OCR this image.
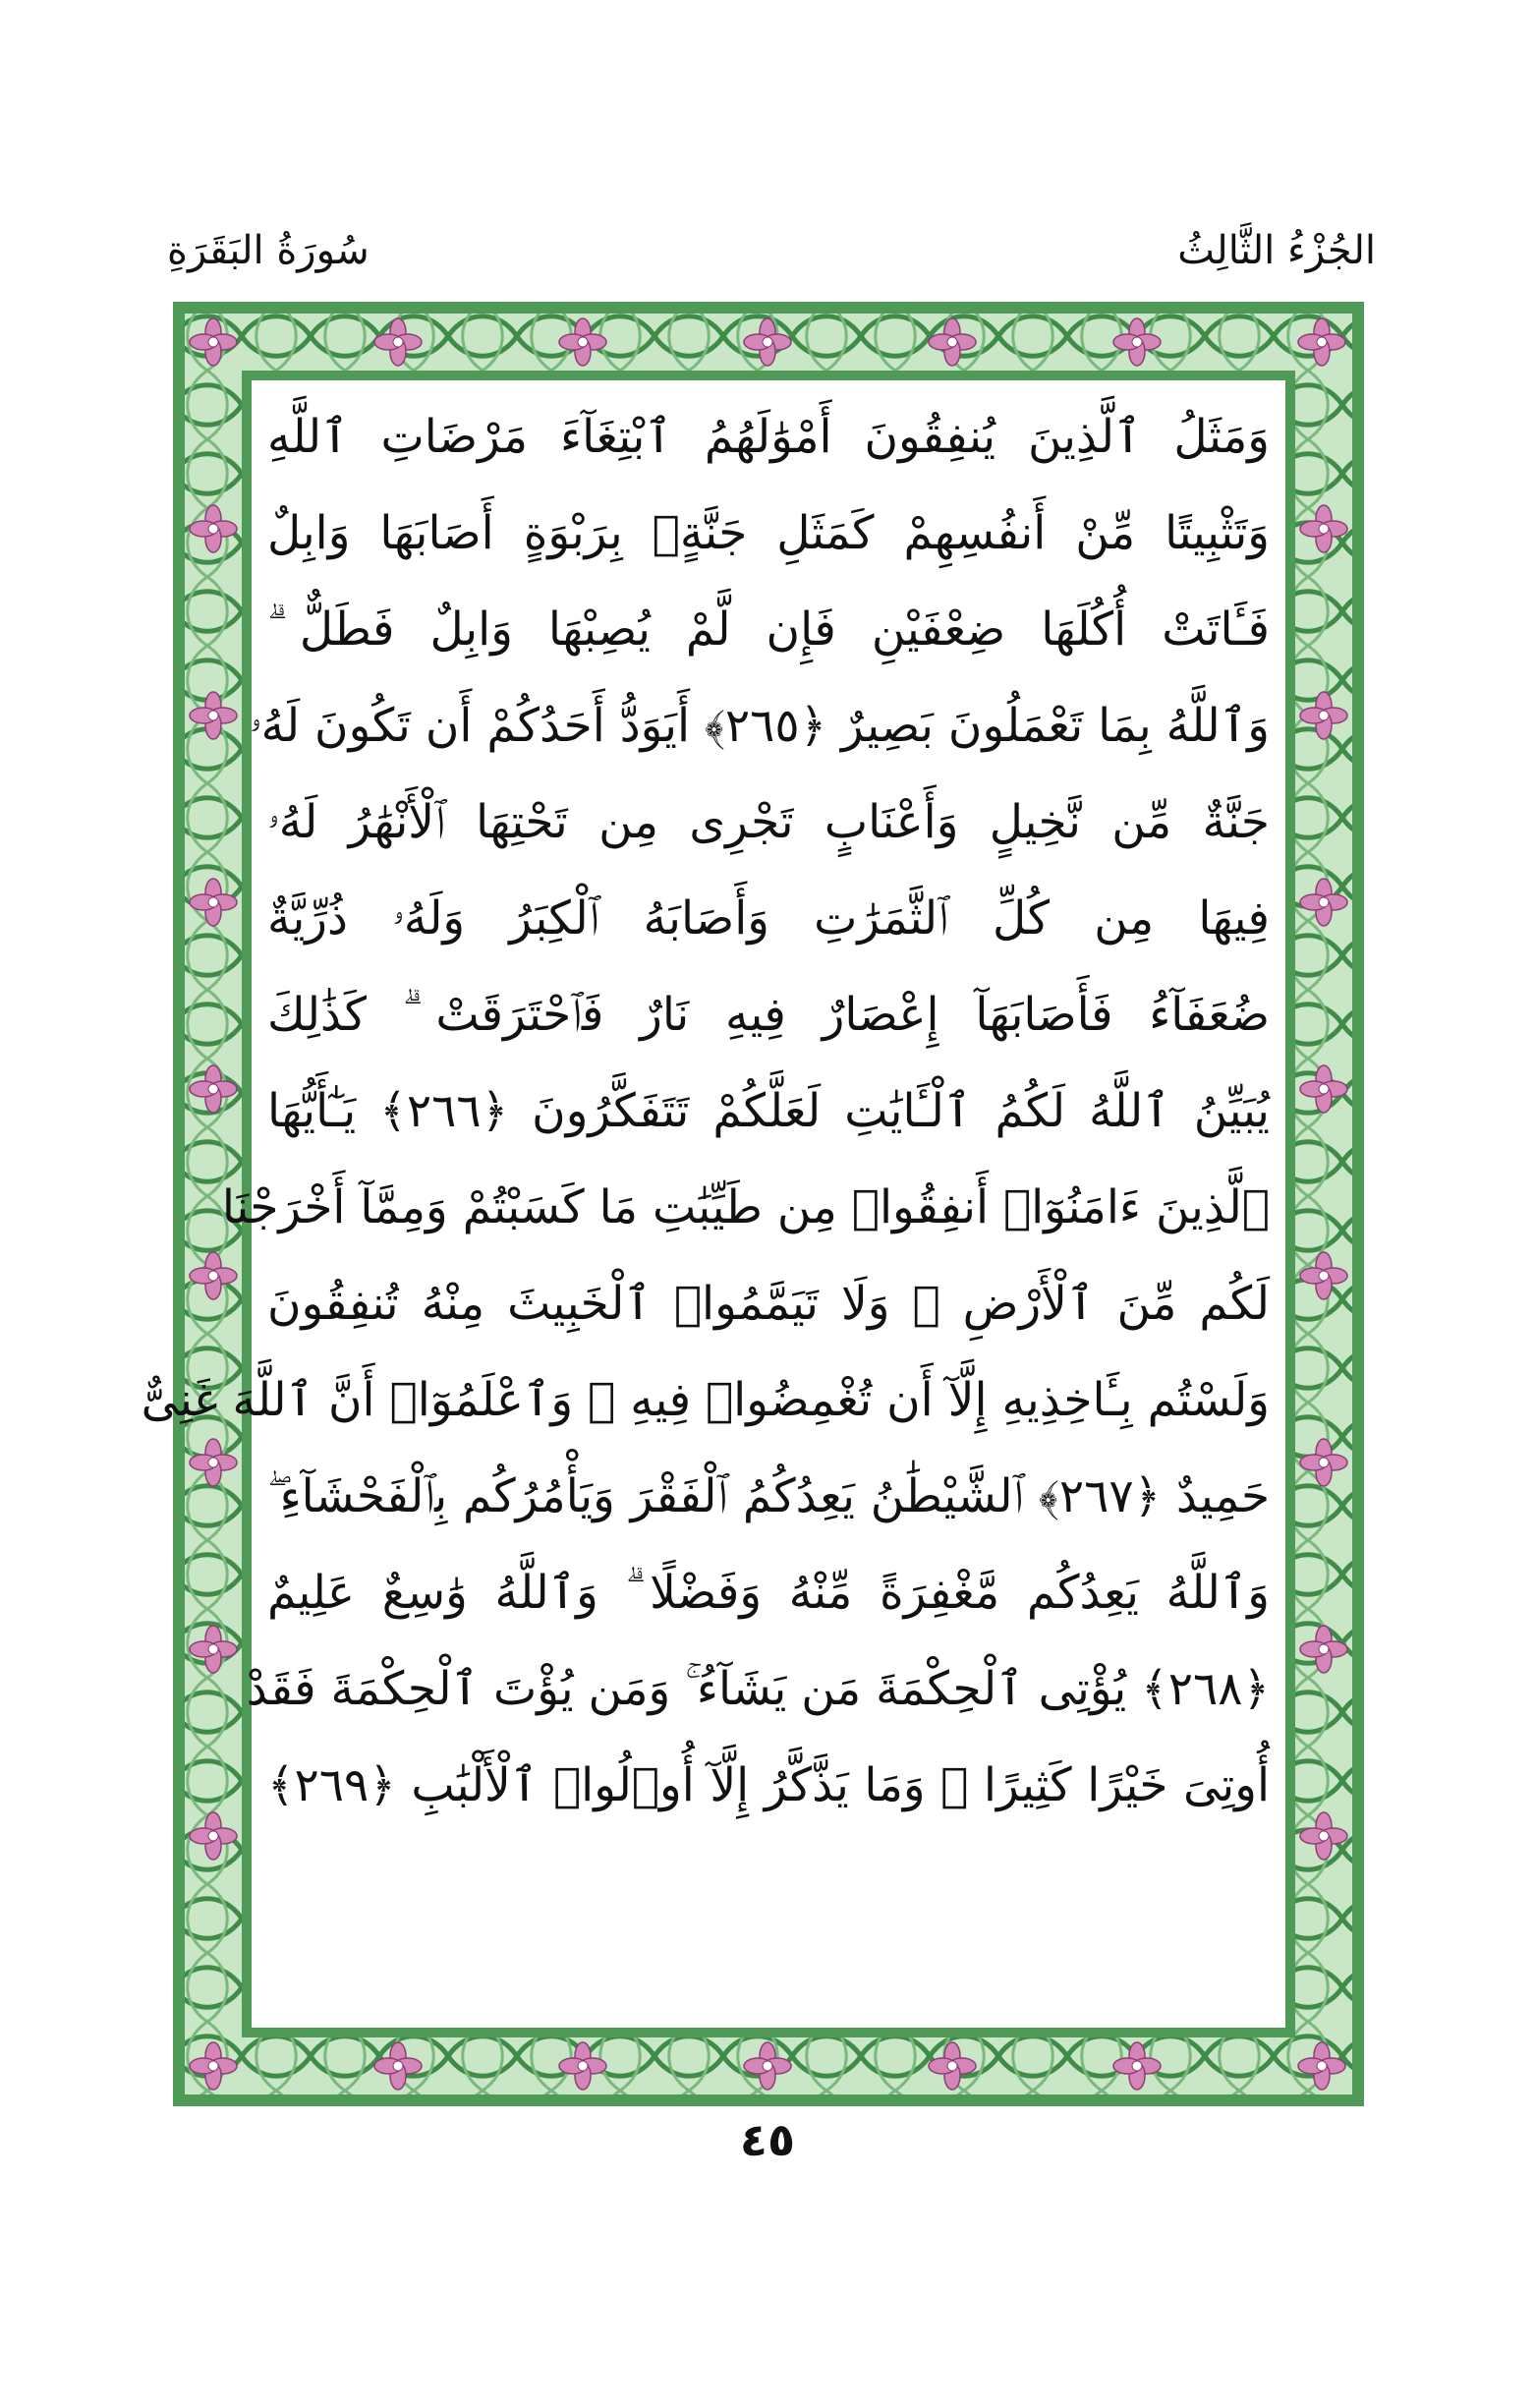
الجُزْءُ الثَّالِثُ
سُورَةُ البَقَرَةِ
وَمَثَلُ ٱلَّذِينَ يُنفِقُونَ أَمْوَٰلَهُمُ ٱبْتِغَآءَ مَرْضَاتِ ٱللَّهِ
وَتَثْبِيتًا مِّنْ أَنفُسِهِمْ كَمَثَلِ جَنَّةٍۭ بِرَبْوَةٍ أَصَابَهَا وَابِلٌ
فَـَٔاتَتْ أُكُلَهَا ضِعْفَيْنِ فَإِن لَّمْ يُصِبْهَا وَابِلٌ فَطَلٌّ ۗ
وَٱللَّهُ بِمَا تَعْمَلُونَ بَصِيرٌ ﴿٢٦٥﴾ أَيَوَدُّ أَحَدُكُمْ أَن تَكُونَ لَهُۥ
جَنَّةٌ مِّن نَّخِيلٍ وَأَعْنَابٍ تَجْرِى مِن تَحْتِهَا ٱلْأَنْهَٰرُ لَهُۥ
فِيهَا مِن كُلِّ ٱلثَّمَرَٰتِ وَأَصَابَهُ ٱلْكِبَرُ وَلَهُۥ ذُرِّيَّةٌ
ضُعَفَآءُ فَأَصَابَهَآ إِعْصَارٌ فِيهِ نَارٌ فَٱحْتَرَقَتْ ۗ كَذَٰلِكَ
يُبَيِّنُ ٱللَّهُ لَكُمُ ٱلْـَٔايَٰتِ لَعَلَّكُمْ تَتَفَكَّرُونَ ﴿٢٦٦﴾ يَـٰٓأَيُّهَا
ٱلَّذِينَ ءَامَنُوٓا۟ أَنفِقُوا۟ مِن طَيِّبَٰتِ مَا كَسَبْتُمْ وَمِمَّآ أَخْرَجْنَا
لَكُم مِّنَ ٱلْأَرْضِ ۖ وَلَا تَيَمَّمُوا۟ ٱلْخَبِيثَ مِنْهُ تُنفِقُونَ
وَلَسْتُم بِـَٔاخِذِيهِ إِلَّآ أَن تُغْمِضُوا۟ فِيهِ ۚ وَٱعْلَمُوٓا۟ أَنَّ ٱللَّهَ غَنِىٌّ
حَمِيدٌ ﴿٢٦٧﴾ ٱلشَّيْطَٰنُ يَعِدُكُمُ ٱلْفَقْرَ وَيَأْمُرُكُم بِٱلْفَحْشَآءِ ۖ
وَٱللَّهُ يَعِدُكُم مَّغْفِرَةً مِّنْهُ وَفَضْلًا ۗ وَٱللَّهُ وَٰسِعٌ عَلِيمٌ
﴿٢٦٨﴾ يُؤْتِى ٱلْحِكْمَةَ مَن يَشَآءُ ۚ وَمَن يُؤْتَ ٱلْحِكْمَةَ فَقَدْ
أُوتِىَ خَيْرًا كَثِيرًا ۗ وَمَا يَذَّكَّرُ إِلَّآ أُو۟لُوا۟ ٱلْأَلْبَٰبِ ﴿٢٦٩﴾
٤٥
